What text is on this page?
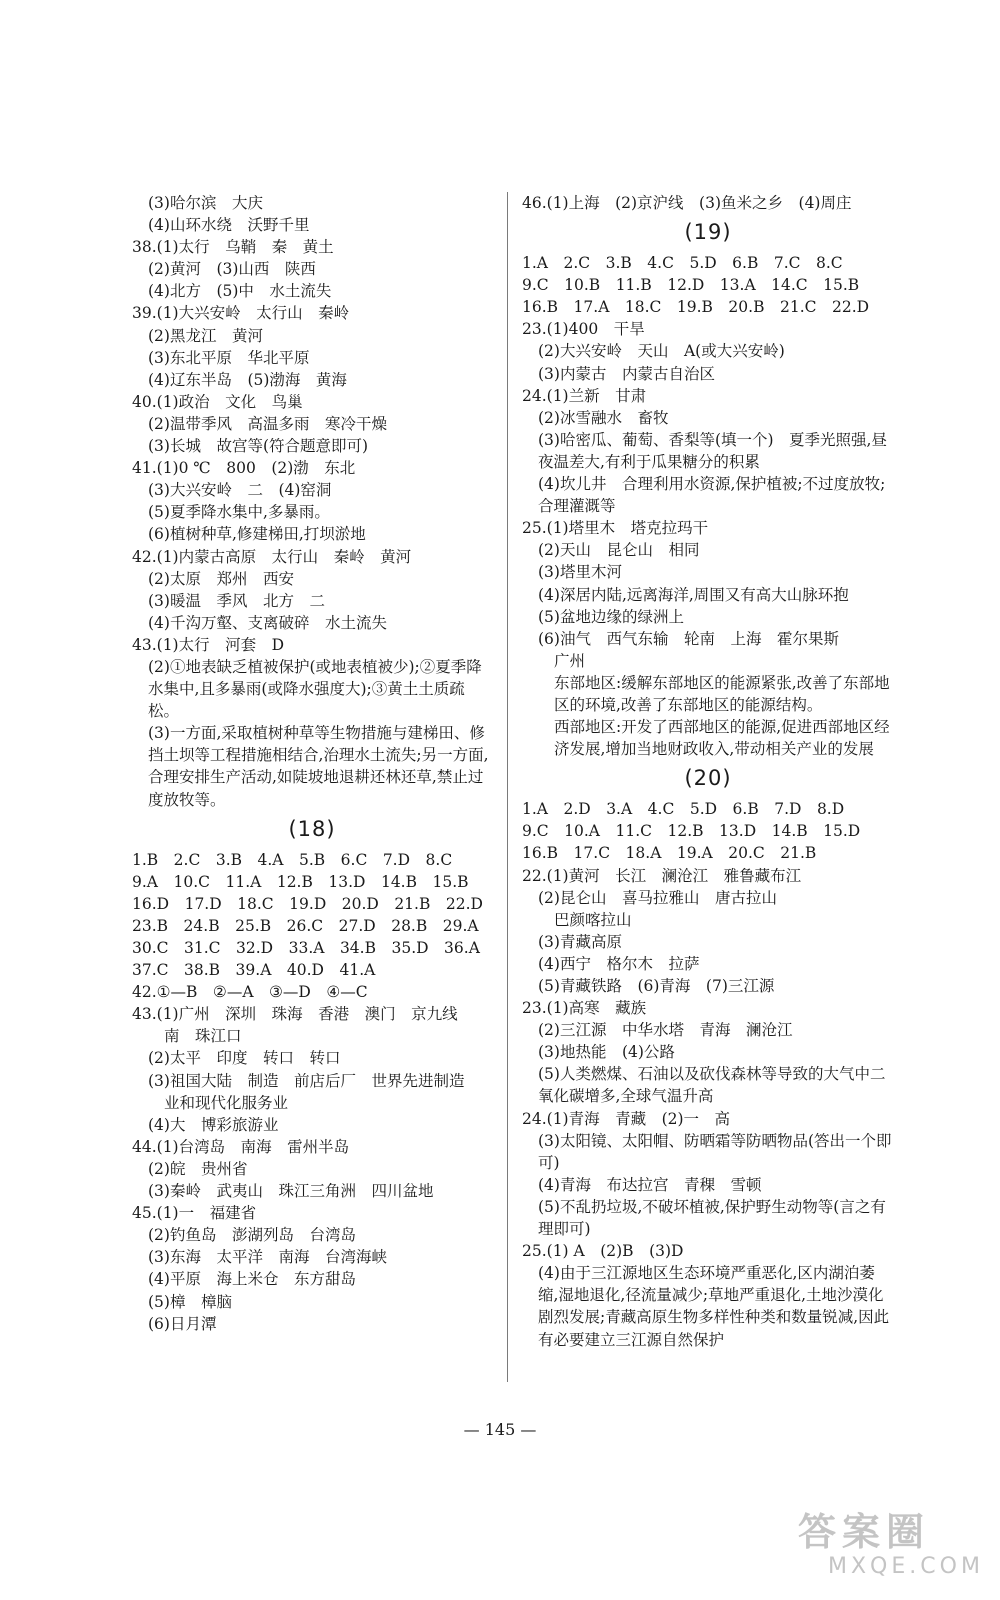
(3)哈尔滨　大庆
(4)山环水绕　沃野千里
38.(1)太行　乌鞘　秦　黄土
(2)黄河　(3)山西　陕西
(4)北方　(5)中　水土流失
39.(1)大兴安岭　太行山　秦岭
(2)黑龙江　黄河
(3)东北平原　华北平原
(4)辽东半岛　(5)渤海　黄海
40.(1)政治　文化　鸟巢
(2)温带季风　高温多雨　寒冷干燥
(3)长城　故宫等(符合题意即可)
41.(1)0 ℃　800　(2)渤　东北
(3)大兴安岭　二　(4)窑洞
(5)夏季降水集中,多暴雨。
(6)植树种草,修建梯田,打坝淤地
42.(1)内蒙古高原　太行山　秦岭　黄河
(2)太原　郑州　西安
(3)暖温　季风　北方　二
(4)千沟万壑、支离破碎　水土流失
43.(1)太行　河套　D
(2)①地表缺乏植被保护(或地表植被少);②夏季降水集中,且多暴雨(或降水强度大);③黄土土质疏松。
(3)一方面,采取植树种草等生物措施与建梯田、修挡土坝等工程措施相结合,治理水土流失;另一方面,合理安排生产活动,如陡坡地退耕还林还草,禁止过度放牧等。
(18)
1.B　2.C　3.B　4.A　5.B　6.C　7.D　8.C
9.A　10.C　11.A　12.B　13.D　14.B　15.B
16.D　17.D　18.C　19.D　20.D　21.B　22.D
23.B　24.B　25.B　26.C　27.D　28.B　29.A
30.C　31.C　32.D　33.A　34.B　35.D　36.A
37.C　38.B　39.A　40.D　41.A
42.①—B　②—A　③—D　④—C
43.(1)广州　深圳　珠海　香港　澳门　京九线
南　珠江口
(2)太平　印度　转口　转口
(3)祖国大陆　制造　前店后厂　世界先进制造
业和现代化服务业
(4)大　博彩旅游业
44.(1)台湾岛　南海　雷州半岛
(2)皖　贵州省
(3)秦岭　武夷山　珠江三角洲　四川盆地
45.(1)一　福建省
(2)钓鱼岛　澎湖列岛　台湾岛
(3)东海　太平洋　南海　台湾海峡
(4)平原　海上米仓　东方甜岛
(5)樟　樟脑
(6)日月潭
46.(1)上海　(2)京沪线　(3)鱼米之乡　(4)周庄
(19)
1.A　2.C　3.B　4.C　5.D　6.B　7.C　8.C
9.C　10.B　11.B　12.D　13.A　14.C　15.B
16.B　17.A　18.C　19.B　20.B　21.C　22.D
23.(1)400　干旱
(2)大兴安岭　天山　A(或大兴安岭)
(3)内蒙古　内蒙古自治区
24.(1)兰新　甘肃
(2)冰雪融水　畜牧
(3)哈密瓜、葡萄、香梨等(填一个)　夏季光照强,昼夜温差大,有利于瓜果糖分的积累
(4)坎儿井　合理利用水资源,保护植被;不过度放牧;合理灌溉等
25.(1)塔里木　塔克拉玛干
(2)天山　昆仑山　相同
(3)塔里木河
(4)深居内陆,远离海洋,周围又有高大山脉环抱
(5)盆地边缘的绿洲上
(6)油气　西气东输　轮南　上海　霍尔果斯
广州
东部地区:缓解东部地区的能源紧张,改善了东部地区的环境,改善了东部地区的能源结构。
西部地区:开发了西部地区的能源,促进西部地区经济发展,增加当地财政收入,带动相关产业的发展
(20)
1.A　2.D　3.A　4.C　5.D　6.B　7.D　8.D
9.C　10.A　11.C　12.B　13.D　14.B　15.D
16.B　17.C　18.A　19.A　20.C　21.B
22.(1)黄河　长江　澜沧江　雅鲁藏布江
(2)昆仑山　喜马拉雅山　唐古拉山
巴颜喀拉山
(3)青藏高原
(4)西宁　格尔木　拉萨
(5)青藏铁路　(6)青海　(7)三江源
23.(1)高寒　藏族
(2)三江源　中华水塔　青海　澜沧江
(3)地热能　(4)公路
(5)人类燃煤、石油以及砍伐森林等导致的大气中二氧化碳增多,全球气温升高
24.(1)青海　青藏　(2)一　高
(3)太阳镜、太阳帽、防晒霜等防晒物品(答出一个即可)
(4)青海　布达拉宫　青稞　雪顿
(5)不乱扔垃圾,不破坏植被,保护野生动物等(言之有理即可)
25.(1) A　(2)B　(3)D
(4)由于三江源地区生态环境严重恶化,区内湖泊萎缩,湿地退化,径流量减少;草地严重退化,土地沙漠化剧烈发展;青藏高原生物多样性种类和数量锐减,因此有必要建立三江源自然保护
— 145 —
答案圈
MXQE.COM
